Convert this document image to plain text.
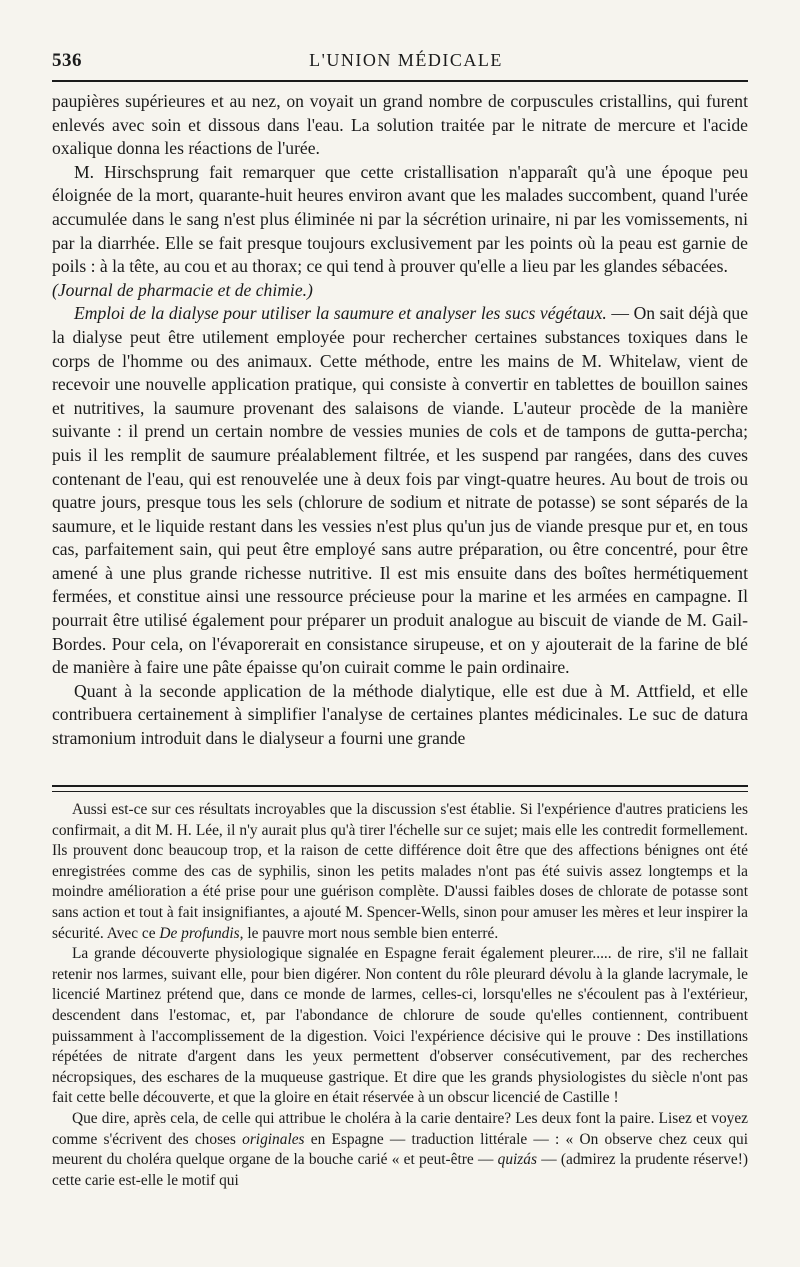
536	L'UNION MÉDICALE

paupières supérieures et au nez, on voyait un grand nombre de corpuscules cristallins, qui furent enlevés avec soin et dissous dans l'eau. La solution traitée par le nitrate de mercure et l'acide oxalique donna les réactions de l'urée.

M. Hirschsprung fait remarquer que cette cristallisation n'apparaît qu'à une époque peu éloignée de la mort, quarante-huit heures environ avant que les malades succombent, quand l'urée accumulée dans le sang n'est plus éliminée ni par la sécrétion urinaire, ni par les vomissements, ni par la diarrhée. Elle se fait presque toujours exclusivement par les points où la peau est garnie de poils : à la tête, au cou et au thorax; ce qui tend à prouver qu'elle a lieu par les glandes sébacées.

(Journal de pharmacie et de chimie.)

Emploi de la dialyse pour utiliser la saumure et analyser les sucs végétaux. — On sait déjà que la dialyse peut être utilement employée pour rechercher certaines substances toxiques dans le corps de l'homme ou des animaux. Cette méthode, entre les mains de M. Whitelaw, vient de recevoir une nouvelle application pratique, qui consiste à convertir en tablettes de bouillon saines et nutritives, la saumure provenant des salaisons de viande. L'auteur procède de la manière suivante : il prend un certain nombre de vessies munies de cols et de tampons de gutta-percha; puis il les remplit de saumure préalablement filtrée, et les suspend par rangées, dans des cuves contenant de l'eau, qui est renouvelée une à deux fois par vingt-quatre heures. Au bout de trois ou quatre jours, presque tous les sels (chlorure de sodium et nitrate de potasse) se sont séparés de la saumure, et le liquide restant dans les vessies n'est plus qu'un jus de viande presque pur et, en tous cas, parfaitement sain, qui peut être employé sans autre préparation, ou être concentré, pour être amené à une plus grande richesse nutritive. Il est mis ensuite dans des boîtes hermétiquement fermées, et constitue ainsi une ressource précieuse pour la marine et les armées en campagne. Il pourrait être utilisé également pour préparer un produit analogue au biscuit de viande de M. Gail-Bordes. Pour cela, on l'évaporerait en consistance sirupeuse, et on y ajouterait de la farine de blé de manière à faire une pâte épaisse qu'on cuirait comme le pain ordinaire.

Quant à la seconde application de la méthode dialytique, elle est due à M. Attfield, et elle contribuera certainement à simplifier l'analyse de certaines plantes médicinales. Le suc de datura stramonium introduit dans le dialyseur a fourni une grande

Aussi est-ce sur ces résultats incroyables que la discussion s'est établie. Si l'expérience d'autres praticiens les confirmait, a dit M. H. Lée, il n'y aurait plus qu'à tirer l'échelle sur ce sujet; mais elle les contredit formellement. Ils prouvent donc beaucoup trop, et la raison de cette différence doit être que des affections bénignes ont été enregistrées comme des cas de syphilis, sinon les petits malades n'ont pas été suivis assez longtemps et la moindre amélioration a été prise pour une guérison complète. D'aussi faibles doses de chlorate de potasse sont sans action et tout à fait insignifiantes, a ajouté M. Spencer-Wells, sinon pour amuser les mères et leur inspirer la sécurité. Avec ce De profundis, le pauvre mort nous semble bien enterré.

La grande découverte physiologique signalée en Espagne ferait également pleurer..... de rire, s'il ne fallait retenir nos larmes, suivant elle, pour bien digérer. Non content du rôle pleurard dévolu à la glande lacrymale, le licencié Martinez prétend que, dans ce monde de larmes, celles-ci, lorsqu'elles ne s'écoulent pas à l'extérieur, descendent dans l'estomac, et, par l'abondance de chlorure de soude qu'elles contiennent, contribuent puissamment à l'accomplissement de la digestion. Voici l'expérience décisive qui le prouve : Des instillations répétées de nitrate d'argent dans les yeux permettent d'observer consécutivement, par des recherches nécropsiques, des eschares de la muqueuse gastrique. Et dire que les grands physiologistes du siècle n'ont pas fait cette belle découverte, et que la gloire en était réservée à un obscur licencié de Castille !

Que dire, après cela, de celle qui attribue le choléra à la carie dentaire? Les deux font la paire. Lisez et voyez comme s'écrivent des choses originales en Espagne — traduction littérale — : « On observe chez ceux qui meurent du choléra quelque organe de la bouche carié « et peut-être — quizás — (admirez la prudente réserve!) cette carie est-elle le motif qui
